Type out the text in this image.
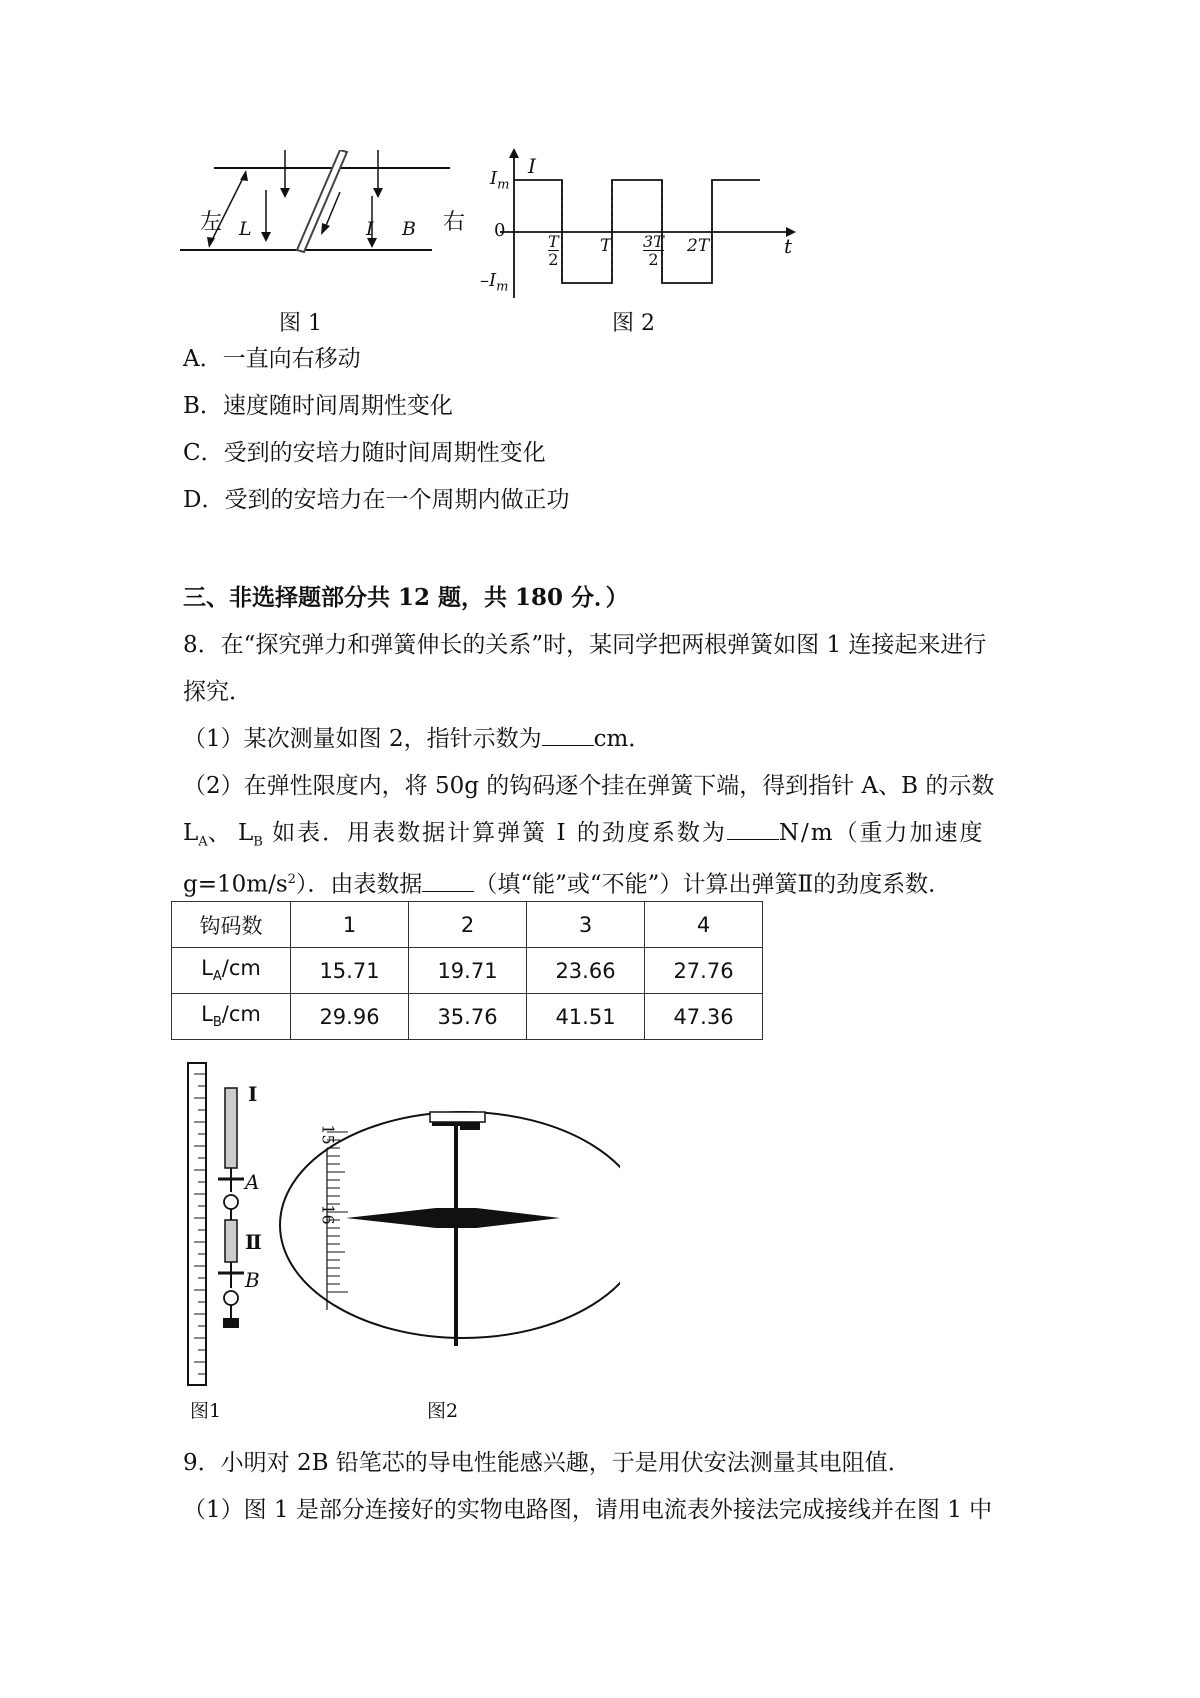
左	右
L	I B
图 1
I
$I_m$
0
$-I_m$
t
T
2
T 3T
2
2T
图 2
A．一直向右移动
B．速度随时间周期性变化
C．受到的安培力随时间周期性变化
D．受到的安培力在一个周期内做正功
三、非选择题部分共 12 题，共 180 分．）
8．在“探究弹力和弹簧伸长的关系”时，某同学把两根弹簧如图 1 连接起来进行
探究．
（1）某次测量如图 2，指针示数为 cm．
（2）在弹性限度内，将 50g 的钩码逐个挂在弹簧下端，得到指针 A、B 的示数
$L_A$、 $L_B$ 如表．用表数据计算弹簧 I 的劲度系数为 N/m（重力加速度
$g=10m/s^2$）．由表数据 （填“能”或“不能”）计算出弹簧Ⅱ的劲度系数．
钩码数	1	2	3	4
$L_A/cm$	15.71	19.71	23.66	27.76
$L_B/cm$	29.96	35.76	41.51	47.36
I
A
Ⅱ
B
15
16
图1	图2
9．小明对 2B 铅笔芯的导电性能感兴趣，于是用伏安法测量其电阻值．
（1）图 1 是部分连接好的实物电路图，请用电流表外接法完成接线并在图 1 中
